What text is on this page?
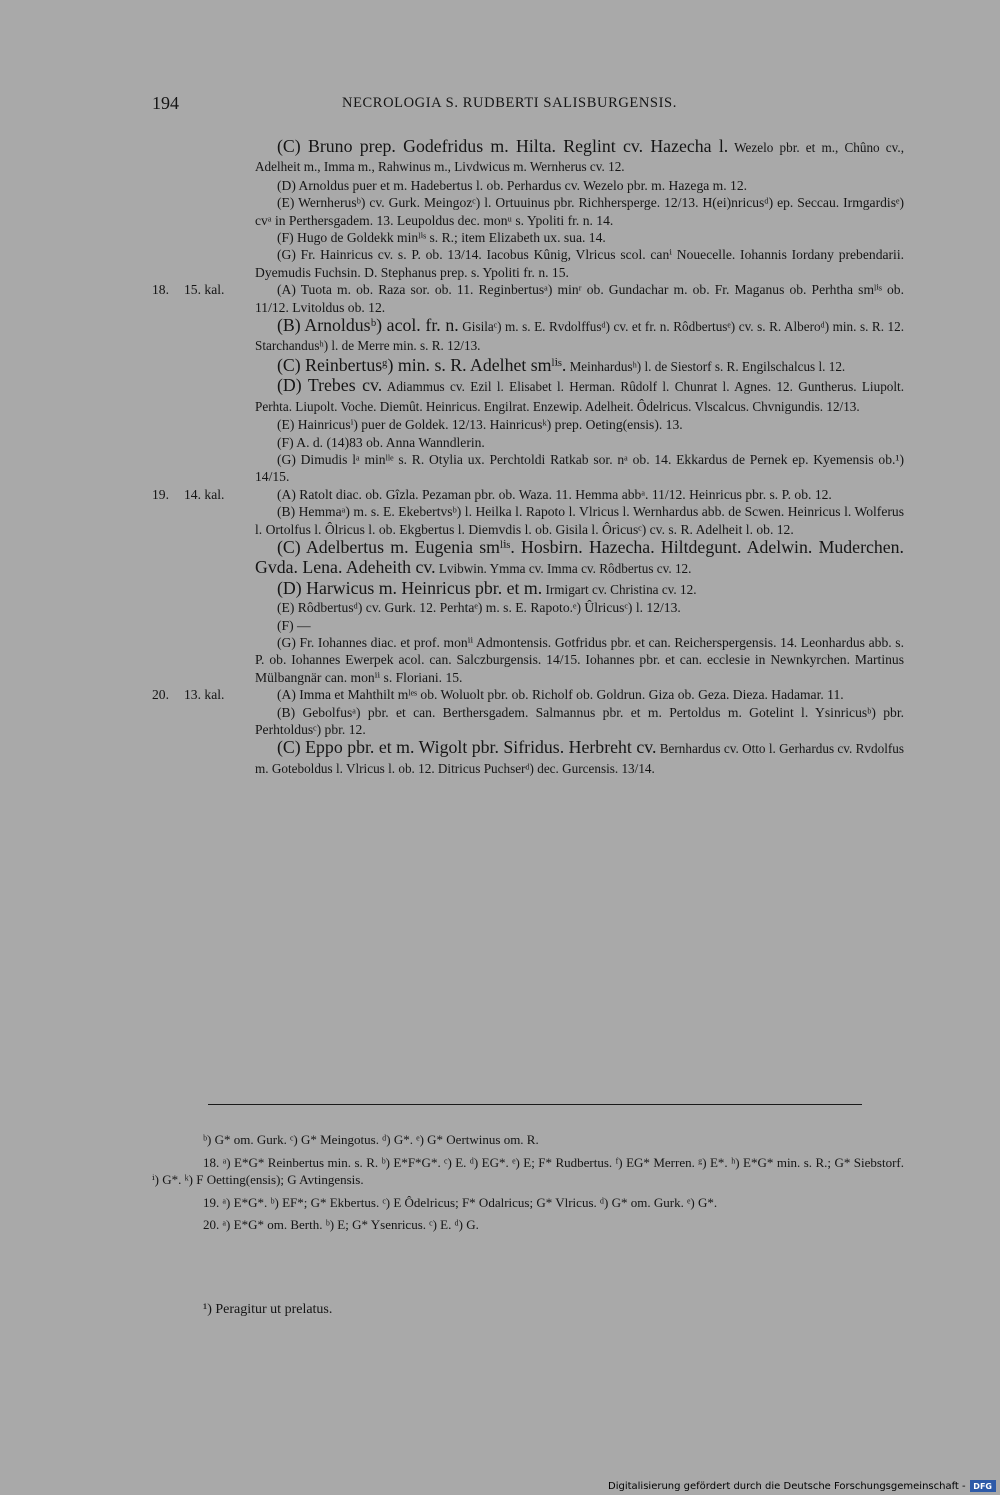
194	NECROLOGIA S. RUDBERTI SALISBURGENSIS.

(C) Bruno prep. Godefridus m. Hilta. Reglint cv. Hazecha l. Wezelo pbr. et m., Chûno cv., Adelheit m., Imma m., Rahwinus m., Livdwicus m. Wernherus cv. 12.

(D) Arnoldus puer et m. Hadebertus l. ob. Perhardus cv. Wezelo pbr. m. Hazega m. 12.

(E) Wernherusᵇ) cv. Gurk. Meingozᶜ) l. Ortuuinus pbr. Richhersperge. 12/13. H(ei)nricusᵈ) ep. Seccau. Irmgardisᵉ) cvᵃ in Perthersgadem. 13. Leupoldus dec. monᵘ s. Ypoliti fr. n. 14.

(F) Hugo de Goldekk minˡⁱˢ s. R.; item Elizabeth ux. sua. 14.

(G) Fr. Hainricus cv. s. P. ob. 13/14. Iacobus Kûnig, Vlricus scol. canⁱ Nouecelle. Iohannis Iordany prebendarii. Dyemudis Fuchsin. D. Stephanus prep. s. Ypoliti fr. n. 15.

18. 15. kal.	(A) Tuota m. ob. Raza sor. ob. 11. Reginbertusᵃ) minʳ ob. Gundachar m. ob. Fr. Maganus ob. Perhtha smˡⁱˢ ob. 11/12. Lvitoldus ob. 12.

(B) Arnoldusᵇ) acol. fr. n. Gisilaᶜ) m. s. E. Rvdolffusᵈ) cv. et fr. n. Rôdbertusᵉ) cv. s. R. Alberoᵈ) min. s. R. 12. Starchandusʰ) l. de Merre min. s. R. 12/13.

(C) Reinbertusᵍ) min. s. R. Adelhet smˡⁱˢ. Meinhardusʰ) l. de Siestorf s. R. Engilschalcus l. 12.

(D) Trebes cv. Adiammus cv. Ezil l. Elisabet l. Herman. Rûdolf l. Chunrat l. Agnes. 12. Guntherus. Liupolt. Perhta. Liupolt. Voche. Diemût. Heinricus. Engilrat. Enzewip. Adelheit. Ôdelricus. Vlscalcus. Chvnigundis. 12/13.

(E) Hainricusⁱ) puer de Goldek. 12/13. Hainricusᵏ) prep. Oeting(ensis). 13.

(F) A. d. (14)83 ob. Anna Wanndlerin.

(G) Dimudis lᵃ minˡˡᵉ s. R. Otylia ux. Perchtoldi Ratkab sor. nᵃ ob. 14. Ekkardus de Pernek ep. Kyemensis ob.¹) 14/15.

19. 14. kal.	(A) Ratolt diac. ob. Gîzla. Pezaman pbr. ob. Waza. 11. Hemma abbᵃ. 11/12. Heinricus pbr. s. P. ob. 12.

(B) Hemmaᵃ) m. s. E. Ekebertvsᵇ) l. Heilka l. Rapoto l. Vlricus l. Wernhardus abb. de Scwen. Heinricus l. Wolferus l. Ortolfus l. Ôlricus l. ob. Ekgbertus l. Diemvdis l. ob. Gisila l. Ôricusᶜ) cv. s. R. Adelheit l. ob. 12.

(C) Adelbertus m. Eugenia smˡⁱˢ. Hosbirn. Hazecha. Hiltdegunt. Adelwin. Muderchen. Gvda. Lena. Adeheith cv. Lvibwin. Ymma cv. Imma cv. Rôdbertus cv. 12.

(D) Harwicus m. Heinricus pbr. et m. Irmigart cv. Christina cv. 12.

(E) Rôdbertusᵈ) cv. Gurk. 12. Perhtaᵉ) m. s. E. Rapoto.ᵉ) Ûlricusᶜ) l. 12/13.

(F) —

(G) Fr. Iohannes diac. et prof. monⁱⁱ Admontensis. Gotfridus pbr. et can. Reicherspergensis. 14. Leonhardus abb. s. P. ob. Iohannes Ewerpek acol. can. Salczburgensis. 14/15. Iohannes pbr. et can. ecclesie in Newnkyrchen. Martinus Mülbangnär can. monⁱⁱ s. Floriani. 15.

20. 13. kal.	(A) Imma et Mahthilt mˡᵉˢ ob. Woluolt pbr. ob. Richolf ob. Goldrun. Giza ob. Geza. Dieza. Hadamar. 11.

(B) Gebolfusᵃ) pbr. et can. Berthersgadem. Salmannus pbr. et m. Pertoldus m. Gotelint l. Ysinricusᵇ) pbr. Perhtoldusᶜ) pbr. 12.

(C) Eppo pbr. et m. Wigolt pbr. Sifridus. Herbreht cv. Bernhardus cv. Otto l. Gerhardus cv. Rvdolfus m. Goteboldus l. Vlricus l. ob. 12. Ditricus Puchserᵈ) dec. Gurcensis. 13/14.

ᵇ) G* om. Gurk. ᶜ) G* Meingotus. ᵈ) G*. ᵉ) G* Oertwinus om. R.

18. ᵃ) E*G* Reinbertus min. s. R. ᵇ) E*F*G*. ᶜ) E. ᵈ) EG*. ᵉ) E; F* Rudbertus. ᶠ) EG* Merren. ᵍ) E*. ʰ) E*G* min. s. R.; G* Siebstorf. ⁱ) G*. ᵏ) F Oetting(ensis); G Avtingensis.

19. ᵃ) E*G*. ᵇ) EF*; G* Ekbertus. ᶜ) E Ôdelricus; F* Odalricus; G* Vlricus. ᵈ) G* om. Gurk. ᵉ) G*.

20. ᵃ) E*G* om. Berth. ᵇ) E; G* Ysenricus. ᶜ) E. ᵈ) G.

¹) Peragitur ut prelatus.
Digitalisierung gefördert durch die Deutsche Forschungsgemeinschaft - DFG
